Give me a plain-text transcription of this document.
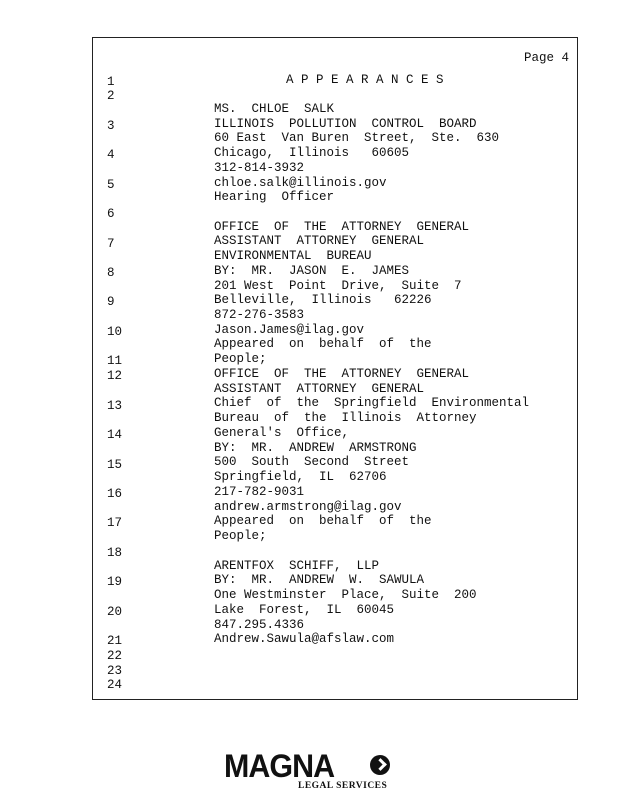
Page 4
A P P E A R A N C E S
1
2
3
4
5
6
7
8
9
10
11
12
13
14
15
16
17
18
19
20
21
22
23
24
MS.  CHLOE  SALK
ILLINOIS  POLLUTION  CONTROL  BOARD
60 East  Van Buren  Street,  Ste.  630
Chicago,  Illinois   60605
312-814-3932
chloe.salk@illinois.gov
Hearing  Officer
OFFICE  OF  THE  ATTORNEY  GENERAL
ASSISTANT  ATTORNEY  GENERAL
ENVIRONMENTAL  BUREAU
BY:  MR.  JASON  E.  JAMES
201 West  Point  Drive,  Suite  7
Belleville,  Illinois   62226
872-276-3583
Jason.James@ilag.gov
Appeared  on  behalf  of  the
People;
OFFICE  OF  THE  ATTORNEY  GENERAL
ASSISTANT  ATTORNEY  GENERAL
Chief  of  the  Springfield  Environmental
Bureau  of  the  Illinois  Attorney
General's  Office,
BY:  MR.  ANDREW  ARMSTRONG
500  South  Second  Street
Springfield,  IL  62706
217-782-9031
andrew.armstrong@ilag.gov
Appeared  on  behalf  of  the
People;
ARENTFOX  SCHIFF,  LLP
BY:  MR.  ANDREW  W.  SAWULA
One Westminster  Place,  Suite  200
Lake  Forest,  IL  60045
847.295.4336
Andrew.Sawula@afslaw.com
MAGNA
LEGAL SERVICES
